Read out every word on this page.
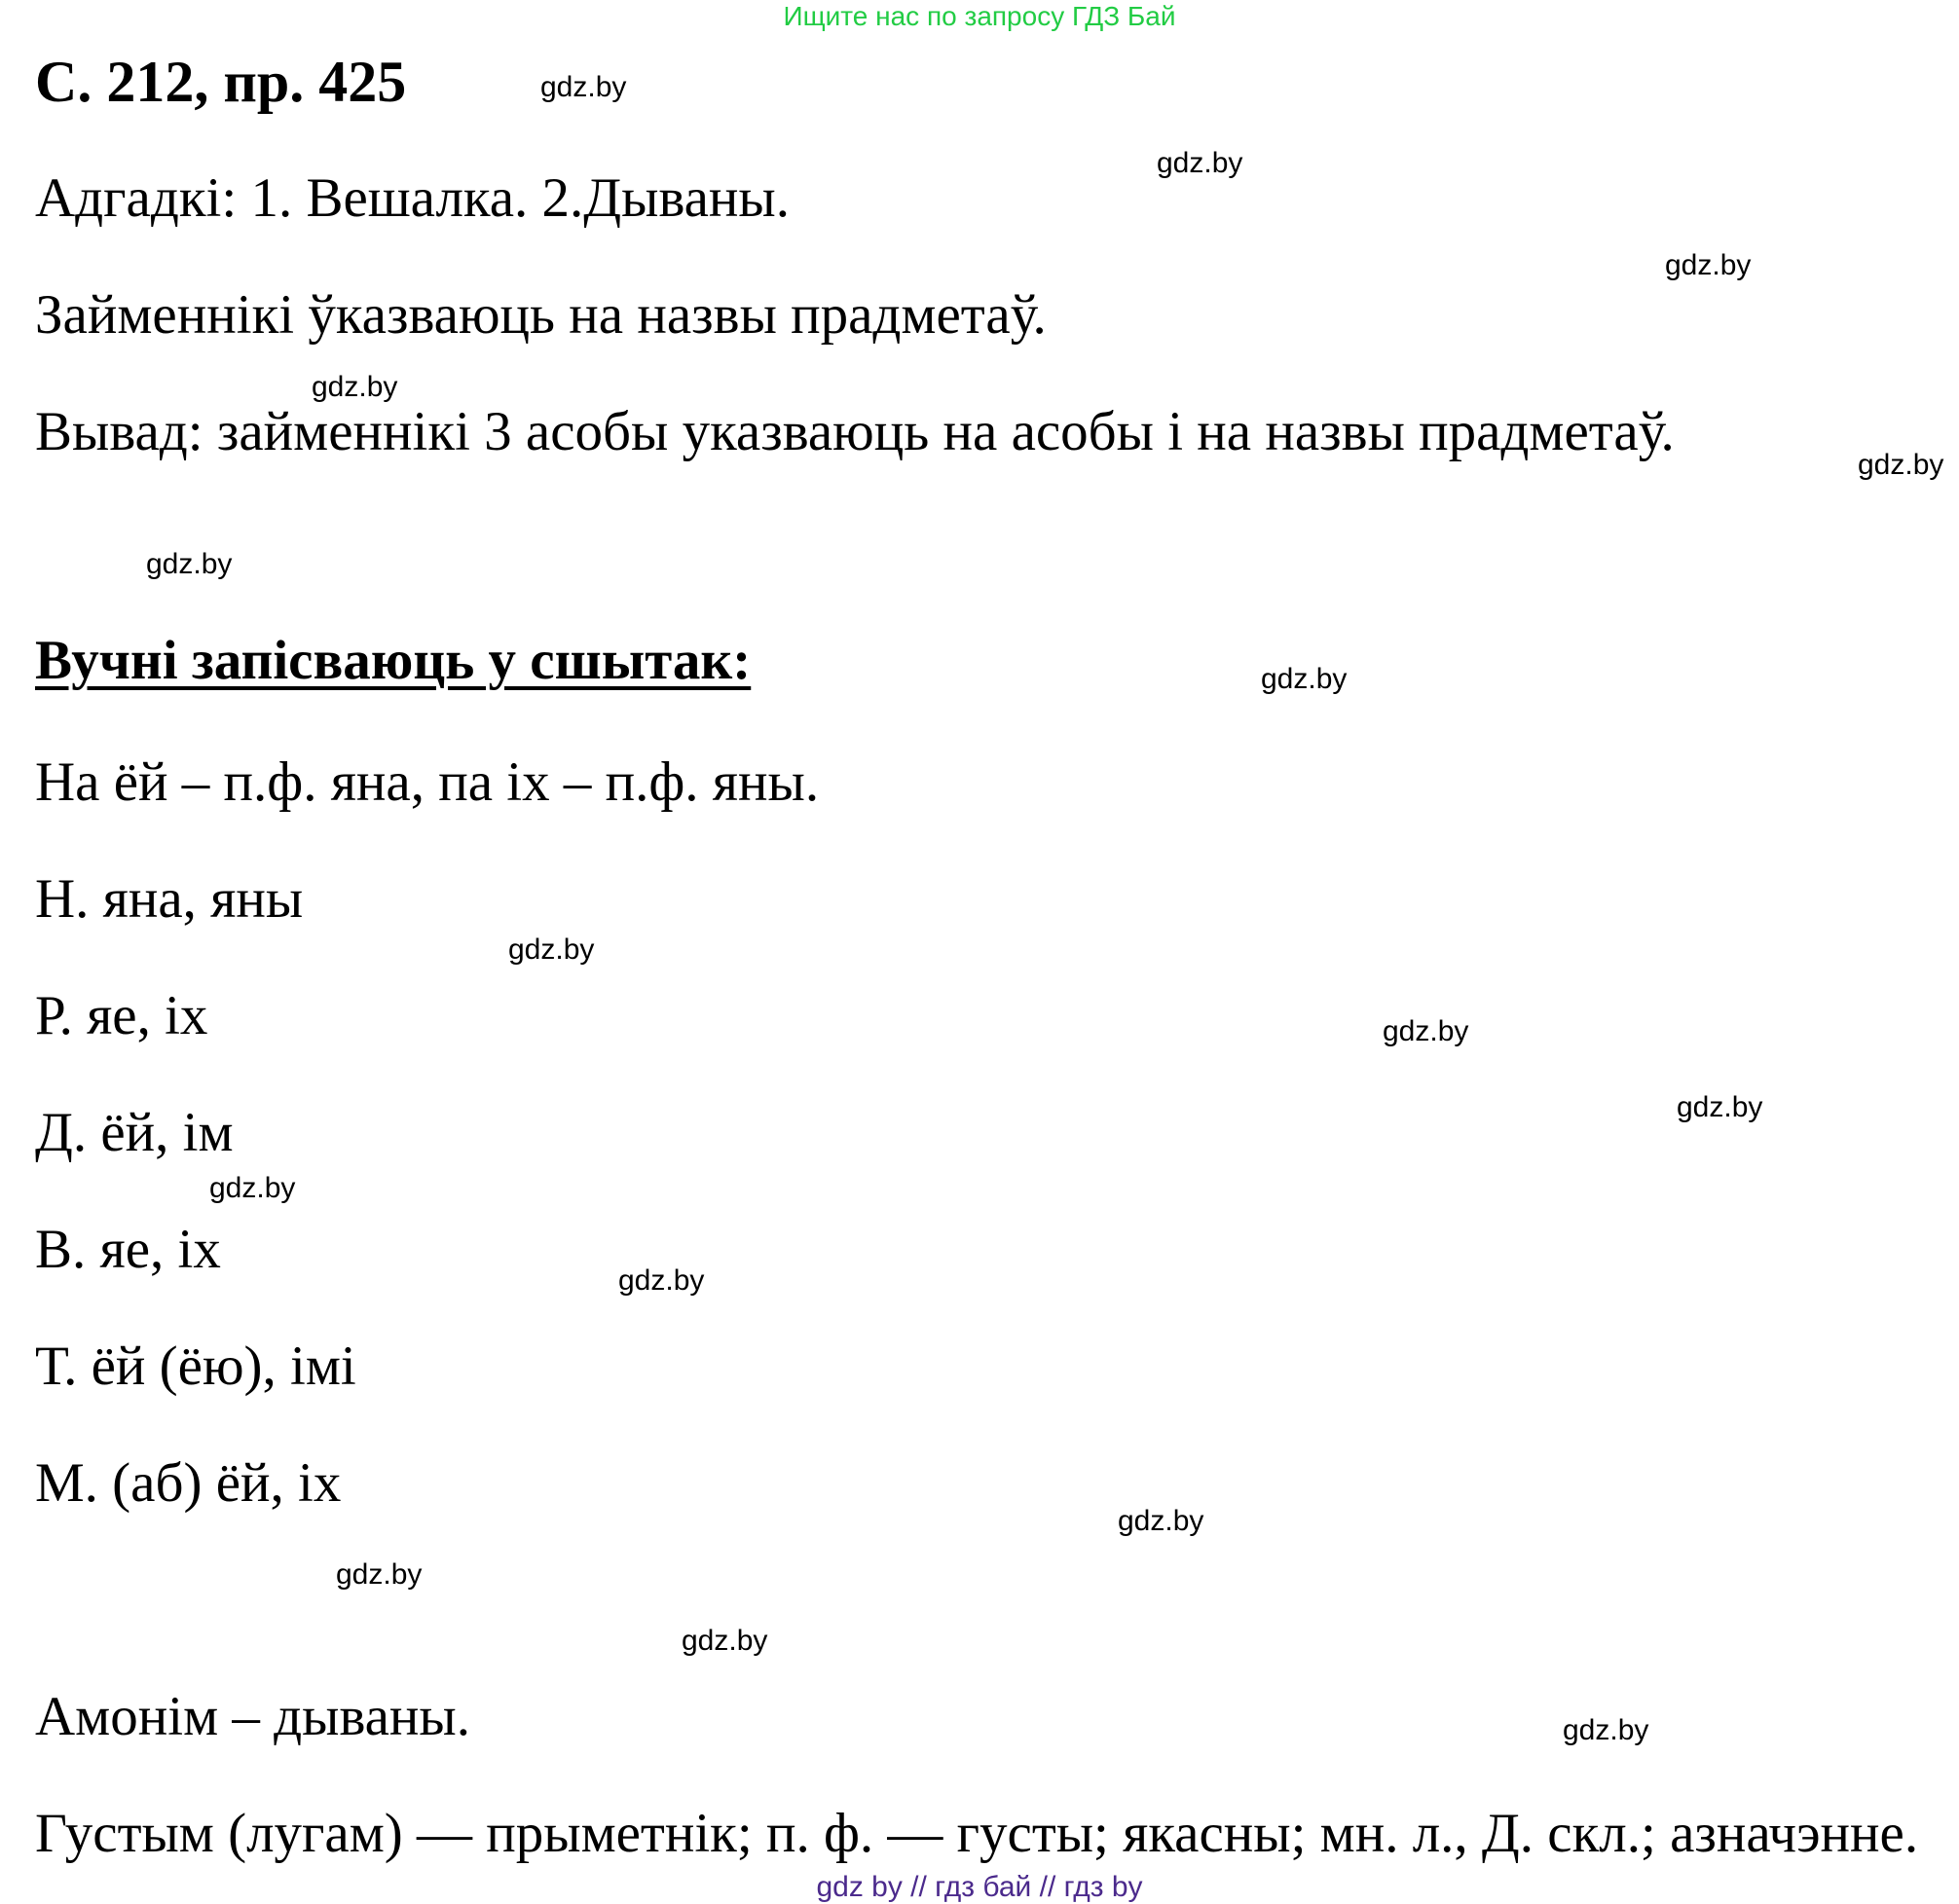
Ищите нас по запросу ГДЗ Бай
С. 212, пр. 425
Адгадкі: 1. Вешалка. 2.Дываны.
Займеннікі ўказваюць на назвы прадметаў.
Вывад: займеннікі 3 асобы указваюць на асобы і на назвы прадметаў.
Вучні запісваюць у сшытак:
На ёй – п.ф. яна, па іх – п.ф. яны.
Н. яна, яны
Р. яе, іх
Д. ёй, ім
В. яе, іх
Т. ёй (ёю), імі
М. (аб) ёй, іх
Амонім – дываны.
Густым (лугам) — прыметнік; п. ф. — густы; якасны; мн. л., Д. скл.; азначэнне.
gdz.by
gdz.by
gdz.by
gdz.by
gdz.by
gdz.by
gdz.by
gdz.by
gdz.by
gdz.by
gdz.by
gdz.by
gdz.by
gdz.by
gdz.by
gdz.by
gdz by // гдз бай // гдз by
